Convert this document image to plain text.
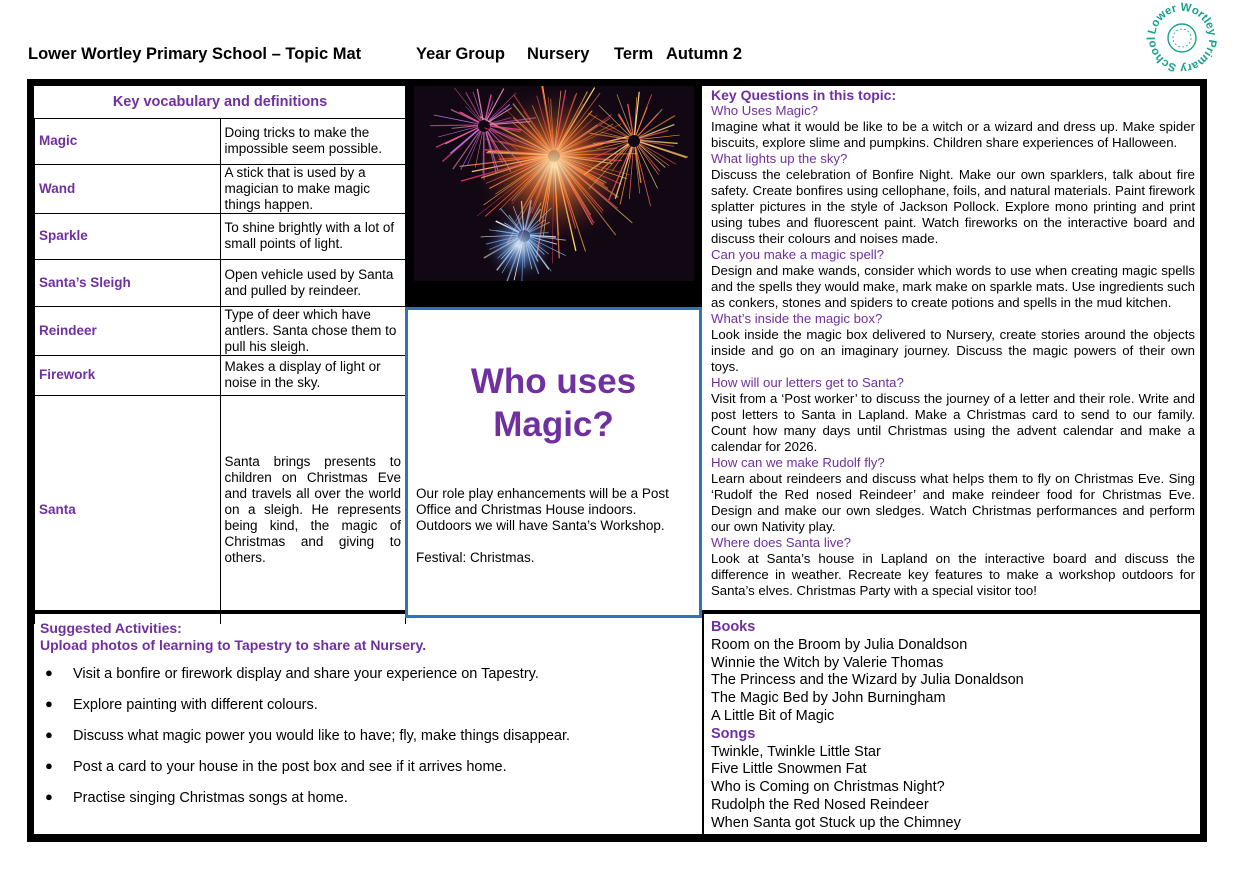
Lower Wortley Primary School – Topic Mat	Year Group Nursery Term Autumn 2
Lower Wortley Primary School
Key vocabulary and definitions	
Magic	Doing tricks to make the impossible seem possible.
Wand	A stick that is used by a magician to make magic things happen.
Sparkle	To shine brightly with a lot of small points of light.
Santa’s Sleigh	Open vehicle used by Santa and pulled by reindeer.
Reindeer	Type of deer which have antlers. Santa chose them to pull his sleigh.
Firework	Makes a display of light or noise in the sky.
Santa	Santa brings presents to children on Christmas Eve and travels all over the world on a sleigh. He represents being kind, the magic of Christmas and giving to others.
Who uses
Magic?
Our role play enhancements will be a Post Office and Christmas House indoors. Outdoors we will have Santa’s Workshop.
Festival: Christmas.
Key Questions in this topic:
Who Uses Magic?

Imagine what it would be like to be a witch or a wizard and dress up. Make spider biscuits, explore slime and pumpkins. Children share experiences of Halloween.

What lights up the sky?

Discuss the celebration of Bonfire Night. Make our own sparklers, talk about fire safety. Create bonfires using cellophane, foils, and natural materials. Paint firework splatter pictures in the style of Jackson Pollock. Explore mono printing and print using tubes and fluorescent paint. Watch fireworks on the interactive board and discuss their colours and noises made.

Can you make a magic spell?

Design and make wands, consider which words to use when creating magic spells and the spells they would make, mark make on sparkle mats. Use ingredients such as conkers, stones and spiders to create potions and spells in the mud kitchen.

What’s inside the magic box?

Look inside the magic box delivered to Nursery, create stories around the objects inside and go on an imaginary journey. Discuss the magic powers of their own toys.

How will our letters get to Santa?

Visit from a ‘Post worker’ to discuss the journey of a letter and their role. Write and post letters to Santa in Lapland. Make a Christmas card to send to our family. Count how many days until Christmas using the advent calendar and make a calendar for 2026.

How can we make Rudolf fly?

Learn about reindeers and discuss what helps them to fly on Christmas Eve. Sing ‘Rudolf the Red nosed Reindeer’ and make reindeer food for Christmas Eve. Design and make our own sledges. Watch Christmas performances and perform our own Nativity play.

Where does Santa live?

Look at Santa’s house in Lapland on the interactive board and discuss the difference in weather. Recreate key features to make a workshop outdoors for Santa’s elves. Christmas Party with a special visitor too!

Suggested Activities:
Upload photos of learning to Tapestry to share at Nursery.
● Visit a bonfire or firework display and share your experience on Tapestry.
● Explore painting with different colours.
● Discuss what magic power you would like to have; fly, make things disappear.
● Post a card to your house in the post box and see if it arrives home.
● Practise singing Christmas songs at home.
Books
Room on the Broom by Julia Donaldson
Winnie the Witch by Valerie Thomas
The Princess and the Wizard by Julia Donaldson
The Magic Bed by John Burningham
A Little Bit of Magic
Songs
Twinkle, Twinkle Little Star
Five Little Snowmen Fat
Who is Coming on Christmas Night?
Rudolph the Red Nosed Reindeer
When Santa got Stuck up the Chimney
